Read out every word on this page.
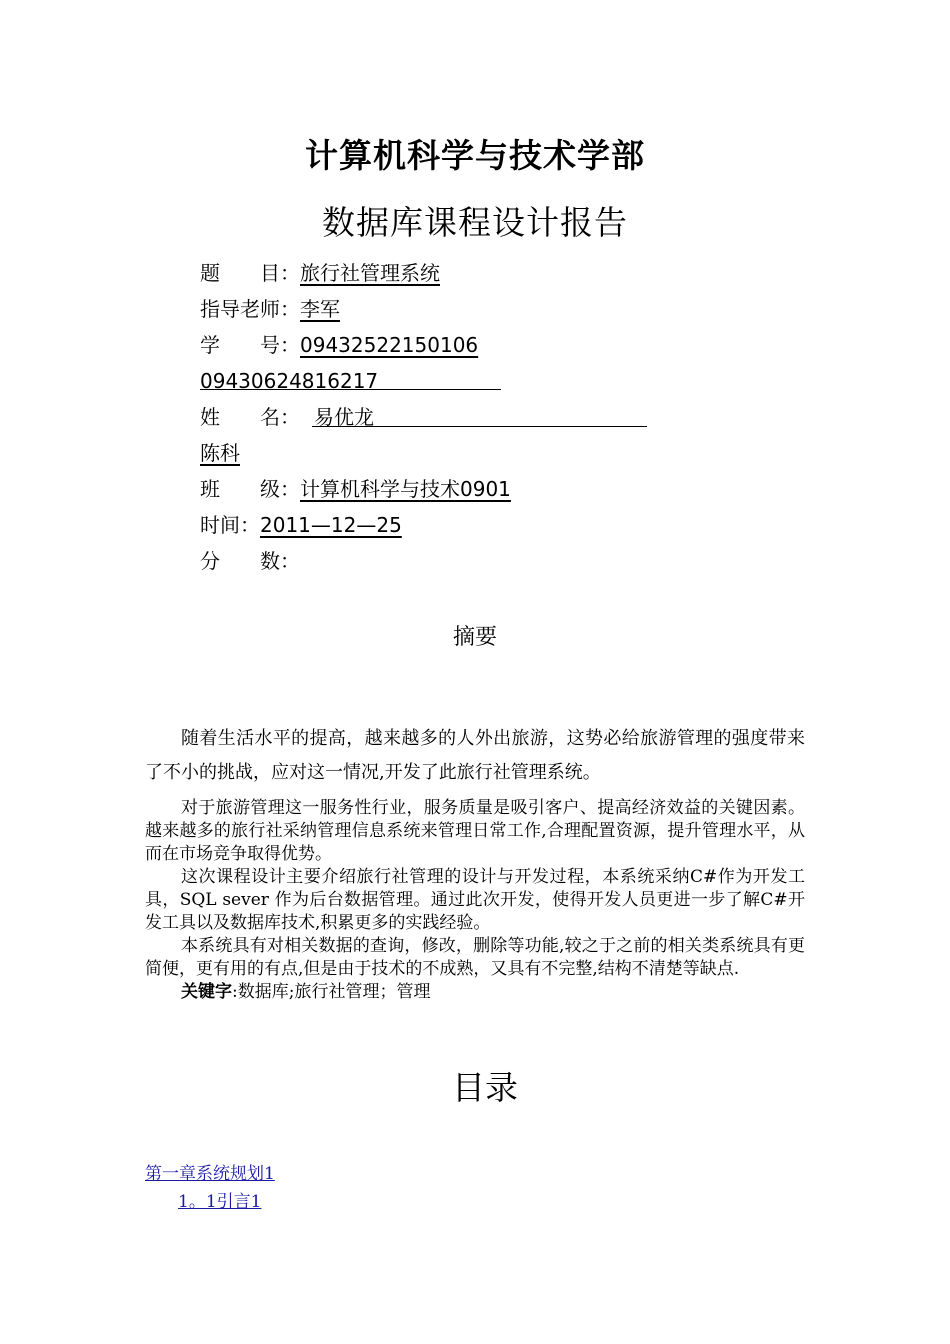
计算机科学与技术学部
数据库课程设计报告
题　　目：旅行社管理系统
指导老师：李军
学　　号：09432522150106
09430624816217
姓　　名： 易优龙
陈科
班　　级：计算机科学与技术0901
时间：2011—12—25
分　　数：
摘要

随着生活水平的提高，越来越多的人外出旅游，这势必给旅游管理的强度带来了不小的挑战，应对这一情况,开发了此旅行社管理系统。

对于旅游管理这一服务性行业，服务质量是吸引客户、提高经济效益的关键因素。越来越多的旅行社采纳管理信息系统来管理日常工作,合理配置资源，提升管理水平，从而在市场竞争取得优势。

这次课程设计主要介绍旅行社管理的设计与开发过程，本系统采纳C#作为开发工具，SQL sever 作为后台数据管理。通过此次开发，使得开发人员更进一步了解C#开发工具以及数据库技术,积累更多的实践经验。

本系统具有对相关数据的查询，修改，删除等功能,较之于之前的相关类系统具有更简便，更有用的有点,但是由于技术的不成熟，又具有不完整,结构不清楚等缺点.

关键字:数据库;旅行社管理；管理

目录
第一章系统规划1
1。1引言1
